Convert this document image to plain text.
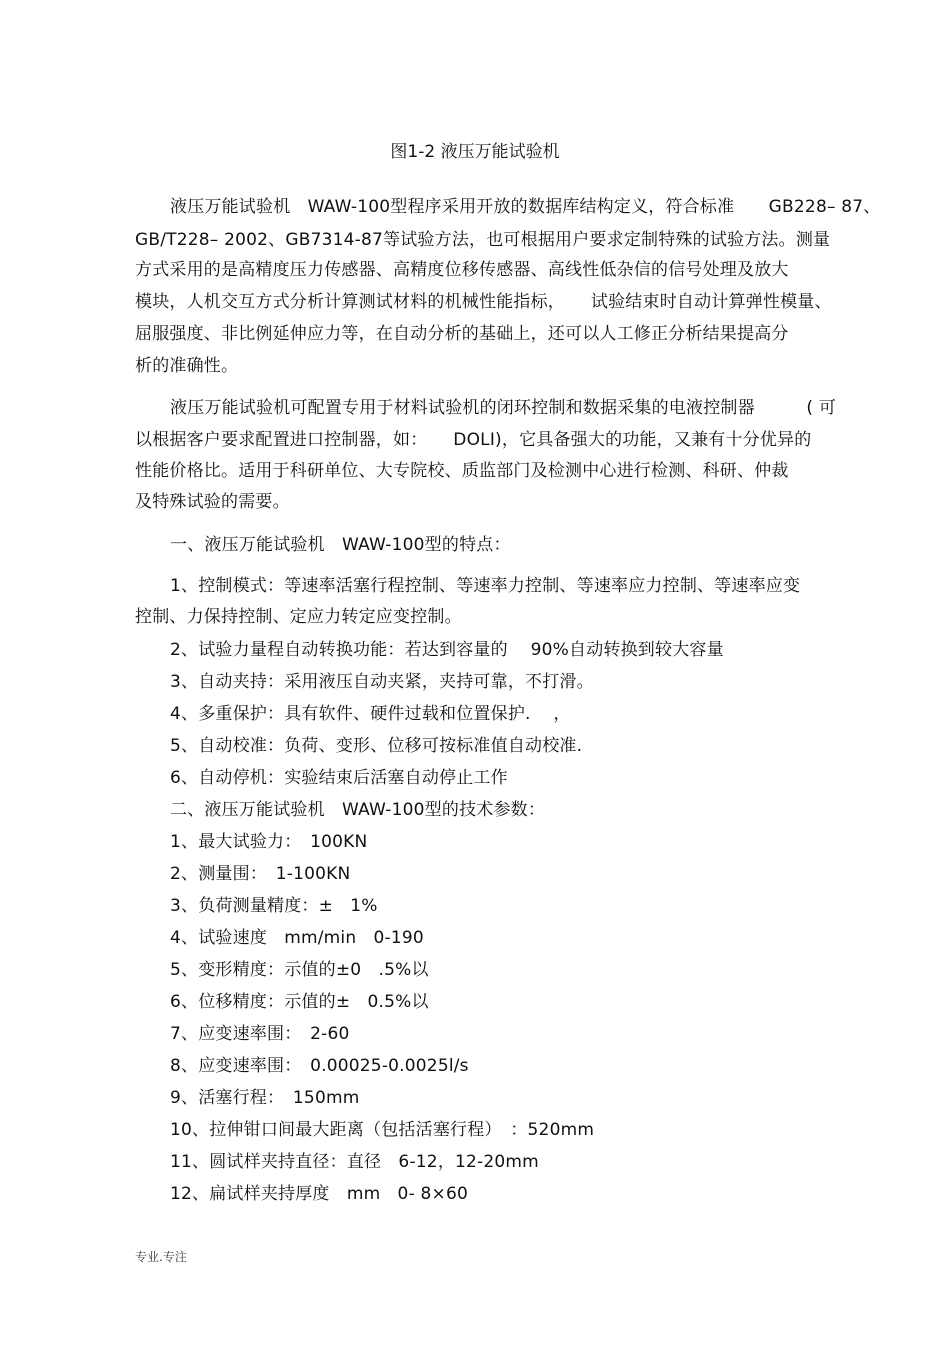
图1-2 液压万能试验机
液压万能试验机　WAW-100型程序采用开放的数据库结构定义，符合标准　　GB228– 87、
GB/T228– 2002、GB7314-87等试验方法，也可根据用户要求定制特殊的试验方法。测量
方式采用的是高精度压力传感器、高精度位移传感器、高线性低杂信的信号处理及放大
模块，人机交互方式分析计算测试材料的机械性能指标，　　试验结束时自动计算弹性模量、
屈服强度、非比例延伸应力等，在自动分析的基础上，还可以人工修正分析结果提高分
析的准确性。
液压万能试验机可配置专用于材料试验机的闭环控制和数据采集的电液控制器　　　( 可
以根据客户要求配置进口控制器，如：　　DOLI)，它具备强大的功能，又兼有十分优异的
性能价格比。适用于科研单位、大专院校、质监部门及检测中心进行检测、科研、仲裁
及特殊试验的需要。
一、液压万能试验机　WAW-100型的特点：
1、控制模式：等速率活塞行程控制、等速率力控制、等速率应力控制、等速率应变
控制、力保持控制、定应力转定应变控制。
2、试验力量程自动转换功能：若达到容量的　 90%自动转换到较大容量
3、自动夹持：采用液压自动夹紧，夹持可靠，不打滑。
4、多重保护：具有软件、硬件过载和位置保护.　 ，
5、自动校准：负荷、变形、位移可按标准值自动校准.
6、自动停机：实验结束后活塞自动停止工作
二、液压万能试验机　WAW-100型的技术参数：
1、最大试验力：　100KN
2、测量围：　1-100KN
3、负荷测量精度：±　1%
4、试验速度　mm/min　0-190
5、变形精度：示值的±0　.5%以
6、位移精度：示值的±　0.5%以
7、应变速率围：　2-60
8、应变速率围：　0.00025-0.0025l/s
9、活塞行程：　150mm
10、拉伸钳口间最大距离（包括活塞行程）　：520mm
11、圆试样夹持直径：直径　6-12，12-20mm
12、扁试样夹持厚度　mm　0- 8×60
专业.专注
